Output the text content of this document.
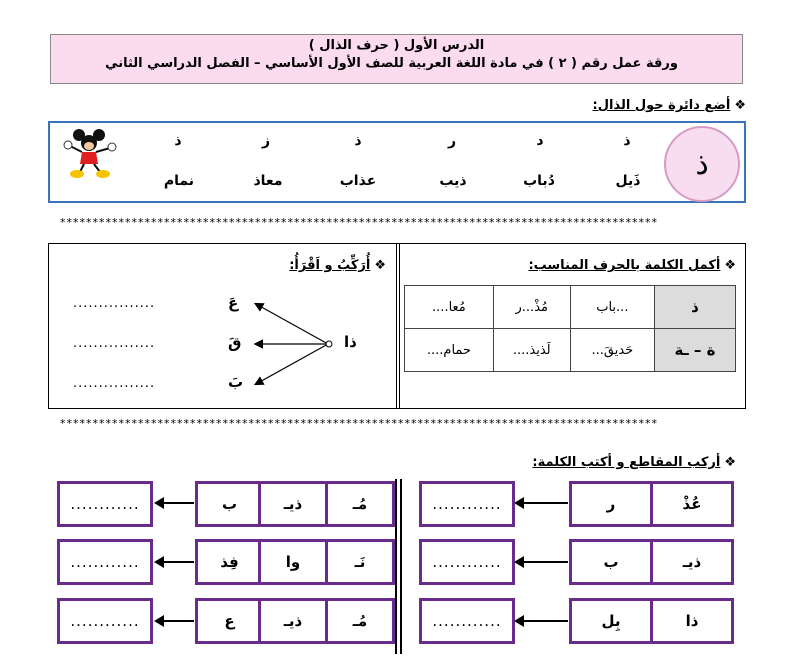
الدرس الأول ( حرف الذال )
ورقة عمل رقم ( ٢ ) في مادة اللغة العربية للصف الأول الأساسي – الفصل الدراسي الثاني
❖أضع دائرة حول الذال:
ذ
ذ
د
ر
ذ
ز
ذ
ذَيل
دُباب
ذيب
عذاب
معاذ
نمام
********************************************************************************************
❖أكمل الكلمة بالحرف المناسب:
ذ	...باب	مُذْ...ر	مُعا....
ة – ـة	حَديقَ...	لَذيذ....	حمام....
❖أُرَكِّبُ و اَقْرَأُ:
ذا
عَ
قَ
بَ
................
................
................
********************************************************************************************
❖أركب المقاطع و أكتب الكلمة:
عُذْ
ر
............
ذيـ
ب
............
ذا
بِل
............
مُـ
ذيـ
ب
............
نَـ
وا
فِذ
............
مُـ
ذيـ
ع
............
